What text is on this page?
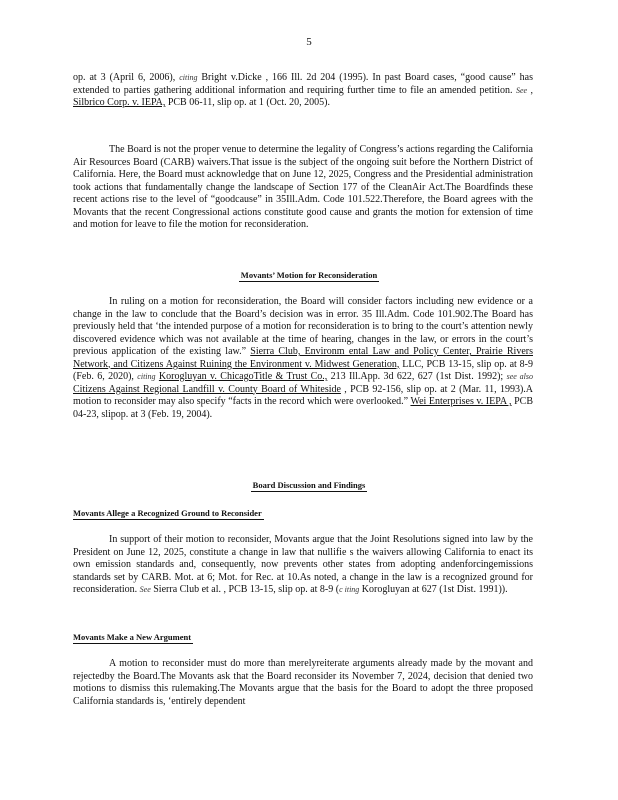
5

op. at 3 (April 6, 2006), citing Bright v.Dicke , 166 Ill. 2d 204 (1995). In past Board cases, “good cause” has extended to parties gathering additional information and requiring further time to file an amended petition. See , Silbrico Corp. v. IEPA, PCB 06-11, slip op. at 1 (Oct. 20, 2005).

The Board is not the proper venue to determine the legality of Congress’s actions regarding the California Air Resources Board (CARB) waivers.That issue is the subject of the ongoing suit before the Northern District of California. Here, the Board must acknowledge that on June 12, 2025, Congress and the Presidential administration took actions that fundamentally change the landscape of Section 177 of the CleanAir Act.The Boardfinds these recent actions rise to the level of “goodcause” in 35Ill.Adm. Code 101.522.Therefore, the Board agrees with the Movants that the recent Congressional actions constitute good cause and grants the motion for extension of time and motion for leave to file the motion for reconsideration.

Movants’ Motion for Reconsideration

In ruling on a motion for reconsideration, the Board will consider factors including new evidence or a change in the law to conclude that the Board’s decision was in error. 35 Ill.Adm. Code 101.902.The Board has previously held that ‘the intended purpose of a motion for reconsideration is to bring to the court’s attention newly discovered evidence which was not available at the time of hearing, changes in the law, or errors in the court’s previous application of the existing law.” Sierra Club, Environm ental Law and Policy Center, Prairie Rivers Network, and Citizens Against Ruining the Environment v. Midwest Generation, LLC, PCB 13-15, slip op. at 8-9 (Feb. 6, 2020), citing Korogluyan v. ChicagoTitle & Trust Co., 213 Ill.App. 3d 622, 627 (1st Dist. 1992); see also Citizens Against Regional Landfill v. County Board of Whiteside , PCB 92-156, slip op. at 2 (Mar. 11, 1993).A motion to reconsider may also specify “facts in the record which were overlooked.” Wei Enterprises v. IEPA , PCB 04-23, slipop. at 3 (Feb. 19, 2004).

Board Discussion and Findings
Movants Allege a Recognized Ground to Reconsider

In support of their motion to reconsider, Movants argue that the Joint Resolutions signed into law by the President on June 12, 2025, constitute a change in law that nullifie s the waivers allowing California to enact its own emission standards and, consequently, now prevents other states from adopting andenforcingemissions standards set by CARB. Mot. at 6; Mot. for Rec. at 10.As noted, a change in the law is a recognized ground for reconsideration. See Sierra Club et al. , PCB 13-15, slip op. at 8-9 (c iting Korogluyan at 627 (1st Dist. 1991)).

Movants Make a New Argument

A motion to reconsider must do more than merelyreiterate arguments already made by the movant and rejectedby the Board.The Movants ask that the Board reconsider its November 7, 2024, decision that denied two motions to dismiss this rulemaking.The Movants argue that the basis for the Board to adopt the three proposed California standards is, ‘entirely dependent
